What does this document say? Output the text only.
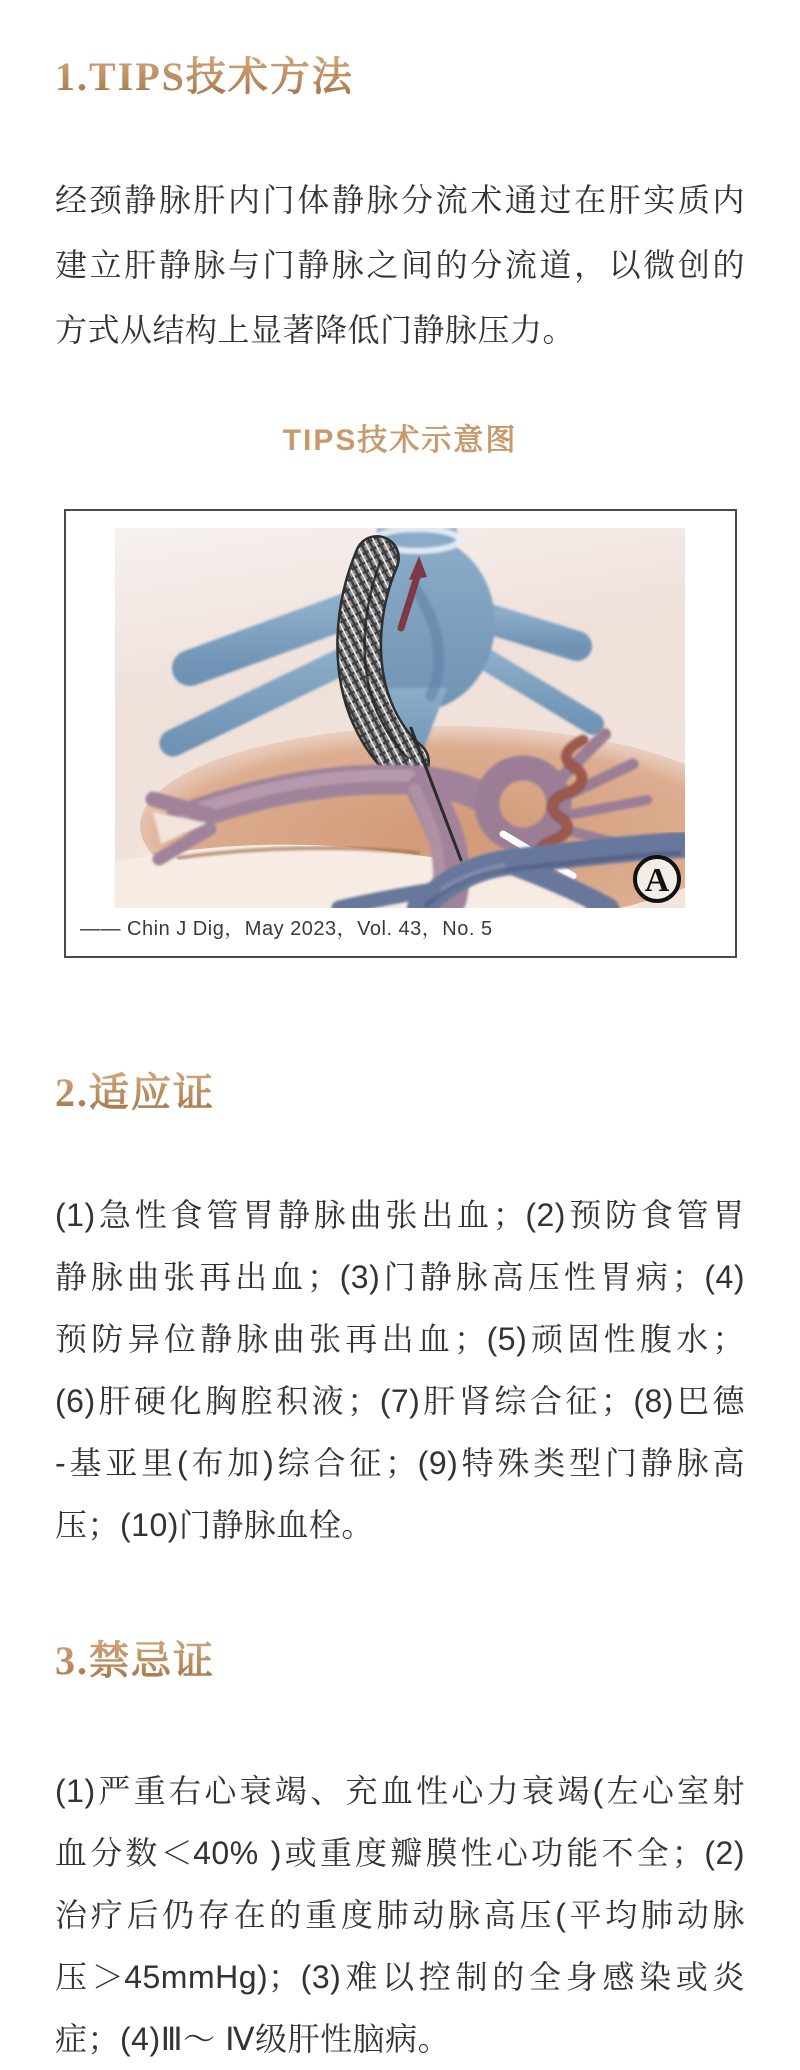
1.TIPS技术方法
经颈静脉肝内门体静脉分流术通过在肝实质内
建立肝静脉与门静脉之间的分流道，以微创的
方式从结构上显著降低门静脉压力。
TIPS技术示意图
A
—— Chin J Dig，May 2023，Vol. 43，No. 5
2.适应证
(1)急性食管胃静脉曲张出血；(2)预防食管胃
静脉曲张再出血；(3)门静脉高压性胃病；(4)
预防异位静脉曲张再出血；(5)顽固性腹水；
(6)肝硬化胸腔积液；(7)肝肾综合征；(8)巴德
-基亚里(布加)综合征；(9)特殊类型门静脉高
压；(10)门静脉血栓。
3.禁忌证
(1)严重右心衰竭、充血性心力衰竭(左心室射
血分数＜40% )或重度瓣膜性心功能不全；(2)
治疗后仍存在的重度肺动脉高压(平均肺动脉
压＞45mmHg)；(3)难以控制的全身感染或炎
症；(4)Ⅲ～ Ⅳ级肝性脑病。
